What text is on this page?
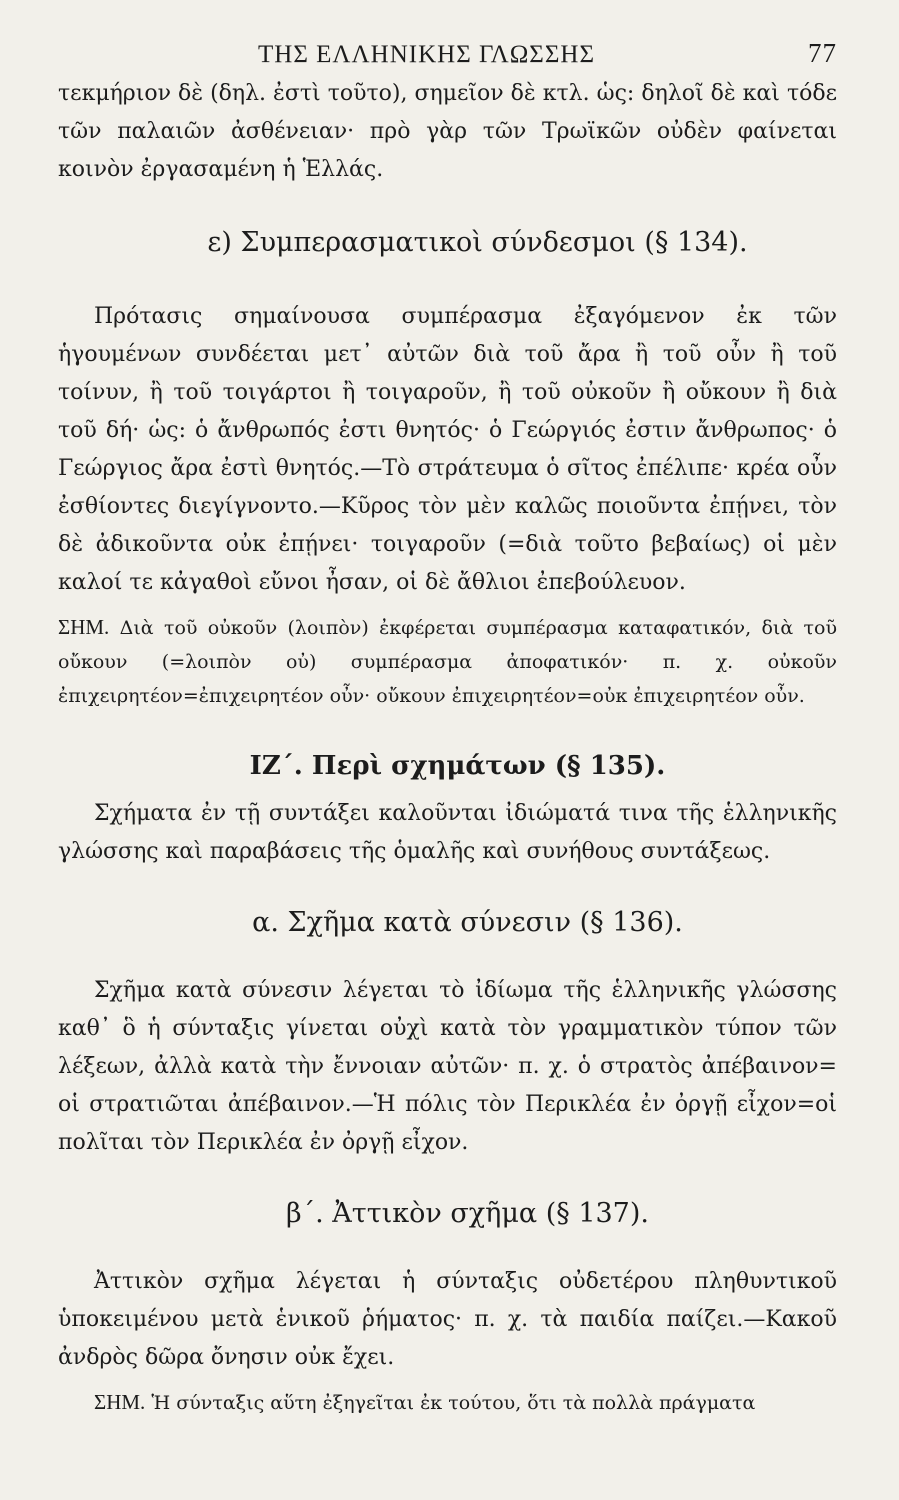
ΤΗΣ ΕΛΛΗΝΙΚΗΣ ΓΛΩΣΣΗΣ	77

τεκμήριον δὲ (δηλ. ἐστὶ τοῦτο), σημεῖον δὲ κτλ. ὡς: δηλοῖ δὲ καὶ τόδε τῶν παλαιῶν ἀσθένειαν· πρὸ γὰρ τῶν Τρωϊκῶν οὐδὲν φαίνεται κοινὸν ἐργασαμένη ἡ Ἑλλάς.

ε) Συμπερασματικοὶ σύνδεσμοι (§ 134).

Πρότασις σημαίνουσα συμπέρασμα ἐξαγόμενον ἐκ τῶν ἡγουμένων συνδέεται μετ᾽ αὐτῶν διὰ τοῦ ἄρα ἢ τοῦ οὖν ἢ τοῦ τοίνυν, ἢ τοῦ τοιγάρτοι ἢ τοιγαροῦν, ἢ τοῦ οὐκοῦν ἢ οὔκουν ἢ διὰ τοῦ δή· ὡς: ὁ ἄνθρωπός ἐστι θνητός· ὁ Γεώργιός ἐστιν ἄνθρωπος· ὁ Γεώργιος ἄρα ἐστὶ θνητός.—Τὸ στράτευμα ὁ σῖτος ἐπέλιπε· κρέα οὖν ἐσθίοντες διεγίγνοντο.—Κῦρος τὸν μὲν καλῶς ποιοῦντα ἐπῄνει, τὸν δὲ ἀδικοῦντα οὐκ ἐπῄνει· τοιγαροῦν (=διὰ τοῦτο βεβαίως) οἱ μὲν καλοί τε κἀγαθοὶ εὔνοι ἦσαν, οἱ δὲ ἄθλιοι ἐπεβούλευον.

ΣΗΜ. Διὰ τοῦ οὐκοῦν (λοιπὸν) ἐκφέρεται συμπέρασμα καταφατικόν, διὰ τοῦ οὔκουν (=λοιπὸν οὐ) συμπέρασμα ἀποφατικόν· π. χ. οὐκοῦν ἐπιχειρητέον=ἐπιχειρητέον οὖν· οὔκουν ἐπιχειρητέον=οὐκ ἐπιχειρητέον οὖν.

ΙΖ΄. Περὶ σχημάτων (§ 135).

Σχήματα ἐν τῇ συντάξει καλοῦνται ἰδιώματά τινα τῆς ἑλληνικῆς γλώσσης καὶ παραβάσεις τῆς ὁμαλῆς καὶ συνήθους συντάξεως.

α. Σχῆμα κατὰ σύνεσιν (§ 136).

Σχῆμα κατὰ σύνεσιν λέγεται τὸ ἰδίωμα τῆς ἑλληνικῆς γλώσσης καθ᾽ ὃ ἡ σύνταξις γίνεται οὐχὶ κατὰ τὸν γραμματικὸν τύπον τῶν λέξεων, ἀλλὰ κατὰ τὴν ἔννοιαν αὐτῶν· π. χ. ὁ στρατὸς ἀπέβαινον= οἱ στρατιῶται ἀπέβαινον.—Ἡ πόλις τὸν Περικλέα ἐν ὀργῇ εἶχον=οἱ πολῖται τὸν Περικλέα ἐν ὀργῇ εἶχον.

β΄. Ἀττικὸν σχῆμα (§ 137).

Ἀττικὸν σχῆμα λέγεται ἡ σύνταξις οὐδετέρου πληθυντικοῦ ὑποκειμένου μετὰ ἑνικοῦ ῥήματος· π. χ. τὰ παιδία παίζει.—Κακοῦ ἀνδρὸς δῶρα ὄνησιν οὐκ ἔχει.

ΣΗΜ. Ἡ σύνταξις αὕτη ἐξηγεῖται ἐκ τούτου, ὅτι τὰ πολλὰ πράγματα
